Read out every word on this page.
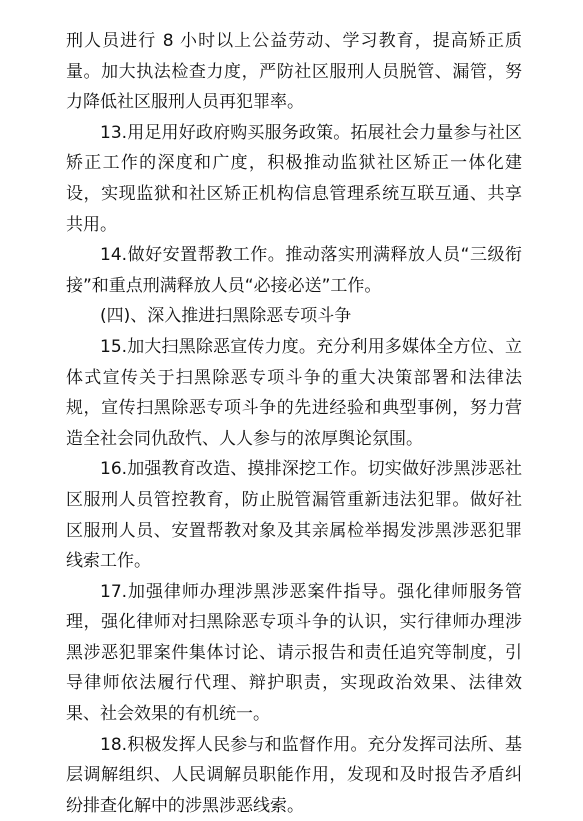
刑人员进行 8 小时以上公益劳动、学习教育，提高矫正质量。加大执法检查力度，严防社区服刑人员脱管、漏管，努力降低社区服刑人员再犯罪率。

13.用足用好政府购买服务政策。拓展社会力量参与社区矫正工作的深度和广度，积极推动监狱社区矫正一体化建设，实现监狱和社区矫正机构信息管理系统互联互通、共享共用。

14.做好安置帮教工作。推动落实刑满释放人员“三级衔接”和重点刑满释放人员“必接必送”工作。

(四)、深入推进扫黑除恶专项斗争

15.加大扫黑除恶宣传力度。充分利用多媒体全方位、立体式宣传关于扫黑除恶专项斗争的重大决策部署和法律法规，宣传扫黑除恶专项斗争的先进经验和典型事例，努力营造全社会同仇敌忾、人人参与的浓厚舆论氛围。

16.加强教育改造、摸排深挖工作。切实做好涉黑涉恶社区服刑人员管控教育，防止脱管漏管重新违法犯罪。做好社区服刑人员、安置帮教对象及其亲属检举揭发涉黑涉恶犯罪线索工作。

17.加强律师办理涉黑涉恶案件指导。强化律师服务管理，强化律师对扫黑除恶专项斗争的认识，实行律师办理涉黑涉恶犯罪案件集体讨论、请示报告和责任追究等制度，引导律师依法履行代理、辩护职责，实现政治效果、法律效果、社会效果的有机统一。

18.积极发挥人民参与和监督作用。充分发挥司法所、基层调解组织、人民调解员职能作用，发现和及时报告矛盾纠纷排查化解中的涉黑涉恶线索。
